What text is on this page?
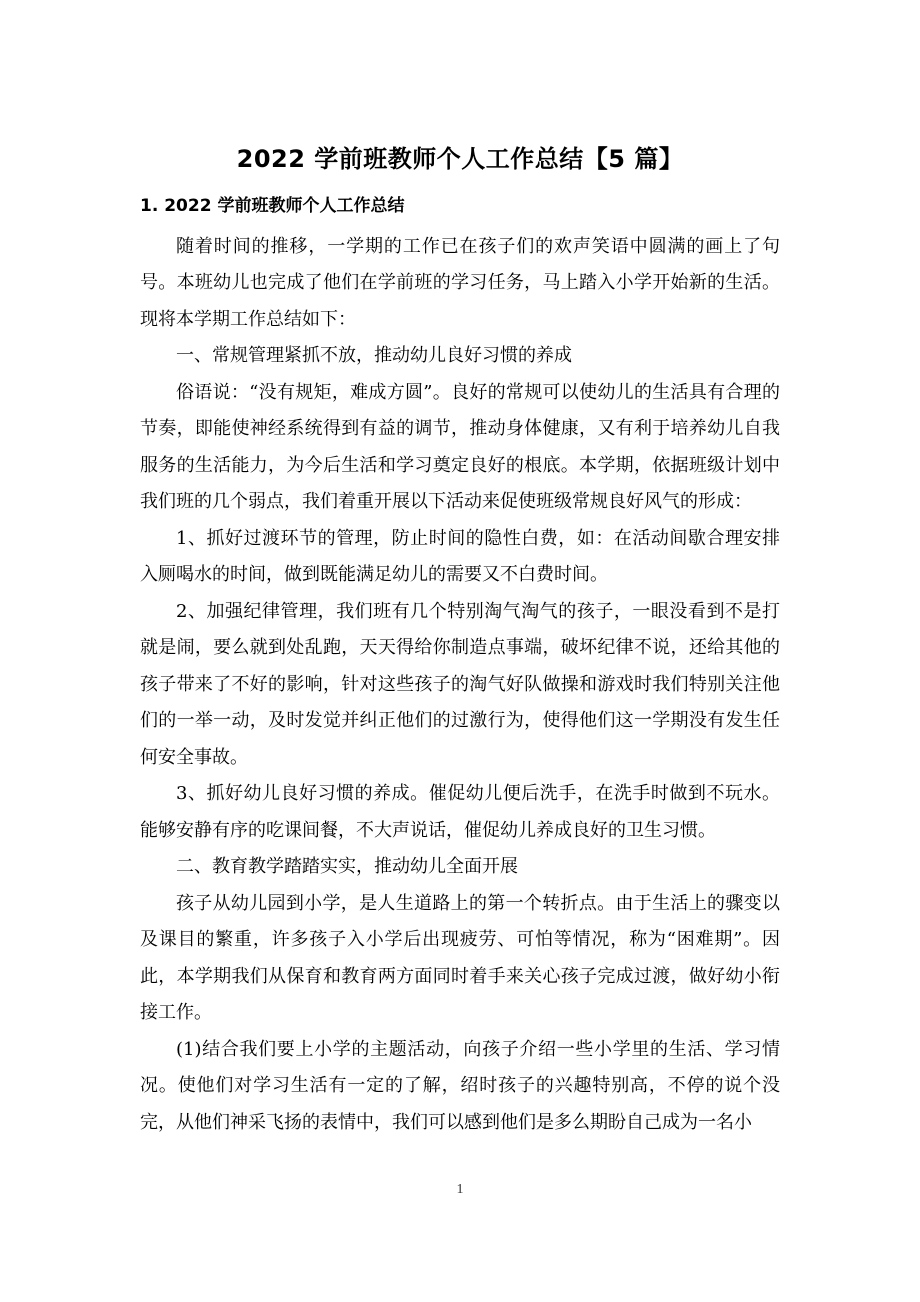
2022 学前班教师个人工作总结【5 篇】

1. 2022 学前班教师个人工作总结

随着时间的推移，一学期的工作已在孩子们的欢声笑语中圆满的画上了句号。本班幼儿也完成了他们在学前班的学习任务，马上踏入小学开始新的生活。现将本学期工作总结如下：

一、常规管理紧抓不放，推动幼儿良好习惯的养成

俗语说：“没有规矩，难成方圆”。良好的常规可以使幼儿的生活具有合理的节奏，即能使神经系统得到有益的调节，推动身体健康，又有利于培养幼儿自我服务的生活能力，为今后生活和学习奠定良好的根底。本学期，依据班级计划中我们班的几个弱点，我们着重开展以下活动来促使班级常规良好风气的形成：

1、抓好过渡环节的管理，防止时间的隐性白费，如：在活动间歇合理安排入厕喝水的时间，做到既能满足幼儿的需要又不白费时间。

2、加强纪律管理，我们班有几个特别淘气淘气的孩子，一眼没看到不是打就是闹，要么就到处乱跑，天天得给你制造点事端，破坏纪律不说，还给其他的孩子带来了不好的影响，针对这些孩子的淘气好队做操和游戏时我们特别关注他们的一举一动，及时发觉并纠正他们的过激行为，使得他们这一学期没有发生任何安全事故。

3、抓好幼儿良好习惯的养成。催促幼儿便后洗手，在洗手时做到不玩水。能够安静有序的吃课间餐，不大声说话，催促幼儿养成良好的卫生习惯。

二、教育教学踏踏实实，推动幼儿全面开展

孩子从幼儿园到小学，是人生道路上的第一个转折点。由于生活上的骤变以及课目的繁重，许多孩子入小学后出现疲劳、可怕等情况，称为“困难期”。因此，本学期我们从保育和教育两方面同时着手来关心孩子完成过渡，做好幼小衔接工作。

(1)结合我们要上小学的主题活动，向孩子介绍一些小学里的生活、学习情况。使他们对学习生活有一定的了解，绍时孩子的兴趣特别高，不停的说个没完，从他们神采飞扬的表情中，我们可以感到他们是多么期盼自己成为一名小

1
